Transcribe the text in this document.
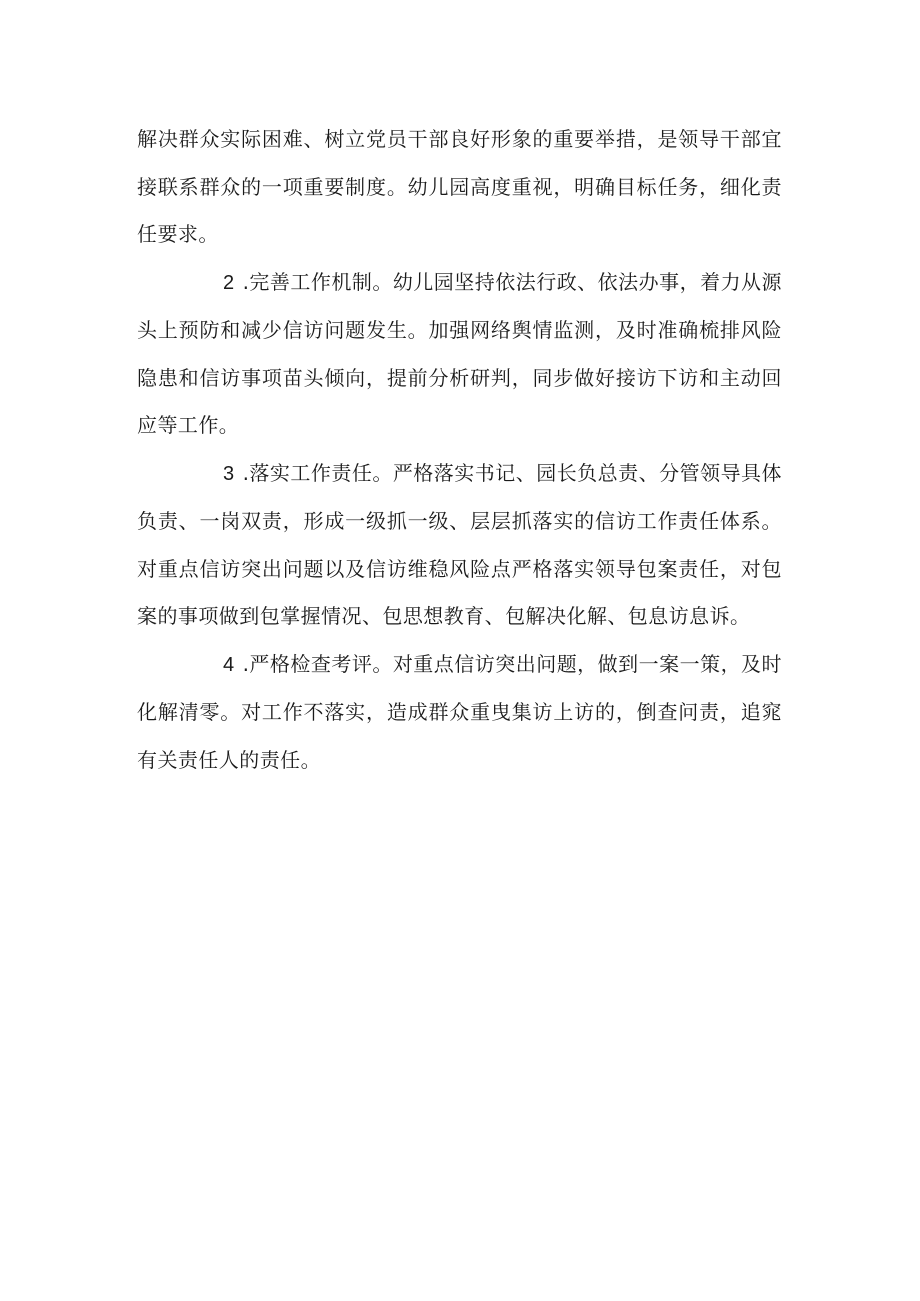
解决群众实际困难、树立党员干部良好形象的重要举措，是领导干部宜接联系群众的一项重要制度。幼儿园高度重视，明确目标任务，细化责任要求。

2 .完善工作机制。幼儿园坚持依法行政、依法办事，着力从源头上预防和减少信访问题发生。加强网络舆情监测，及时准确梳排风险隐患和信访事项苗头倾向，提前分析研判，同步做好接访下访和主动回应等工作。

3 .落实工作责任。严格落实书记、园长负总责、分管领导具体负责、一岗双责，形成一级抓一级、层层抓落实的信访工作责任体系。对重点信访突出问题以及信访维稳风险点严格落实领导包案责任，对包案的事项做到包掌握情况、包思想教育、包解决化解、包息访息诉。

4 .严格检查考评。对重点信访突出问题，做到一案一策，及时化解清零。对工作不落实，造成群众重曳集访上访的，倒查问责，追窕有关责任人的责任。
